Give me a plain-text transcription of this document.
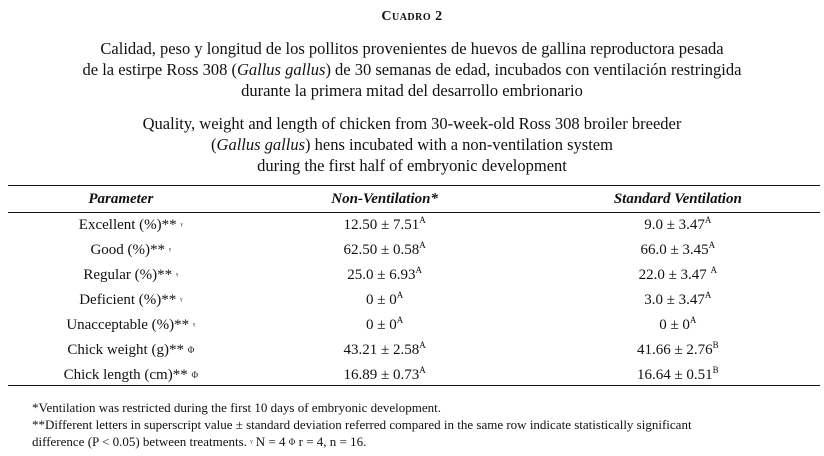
Cuadro 2
Calidad, peso y longitud de los pollitos provenientes de huevos de gallina reproductora pesada
de la estirpe Ross 308 (Gallus gallus) de 30 semanas de edad, incubados con ventilación restringida
durante la primera mitad del desarrollo embrionario
Quality, weight and length of chicken from 30-week-old Ross 308 broiler breeder
(Gallus gallus) hens incubated with a non-ventilation system
during the first half of embryonic development
Parameter	Non-Ventilation*	Standard Ventilation
Excellent (%)** ᵞ	$12.50 \pm 7.51^A$	$9.0 \pm 3.47^A$
Good (%)** ᵞ	$62.50 \pm 0.58^A$	$66.0 \pm 3.45^A$
Regular (%)** ᵞ	$25.0 \pm 6.93^A$	22.0 ± 3.47 $^A$
Deficient (%)** ᵞ	$0 \pm 0^A$	$3.0 \pm 3.47^A$
Unacceptable (%)** ᵞ	$0 \pm 0^A$	$0 \pm 0^A$
Chick weight (g)** Φ	$43.21 \pm 2.58^A$	$41.66 \pm 2.76^B$
Chick length (cm)** Φ	$16.89 \pm 0.73^A$	$16.64 \pm 0.51^B$
*Ventilation was restricted during the first 10 days of embryonic development.
**Different letters in superscript value ± standard deviation referred compared in the same row indicate statistically significant
difference (P < 0.05) between treatments. ᵞ N = 4 Φ r = 4, n = 16.
